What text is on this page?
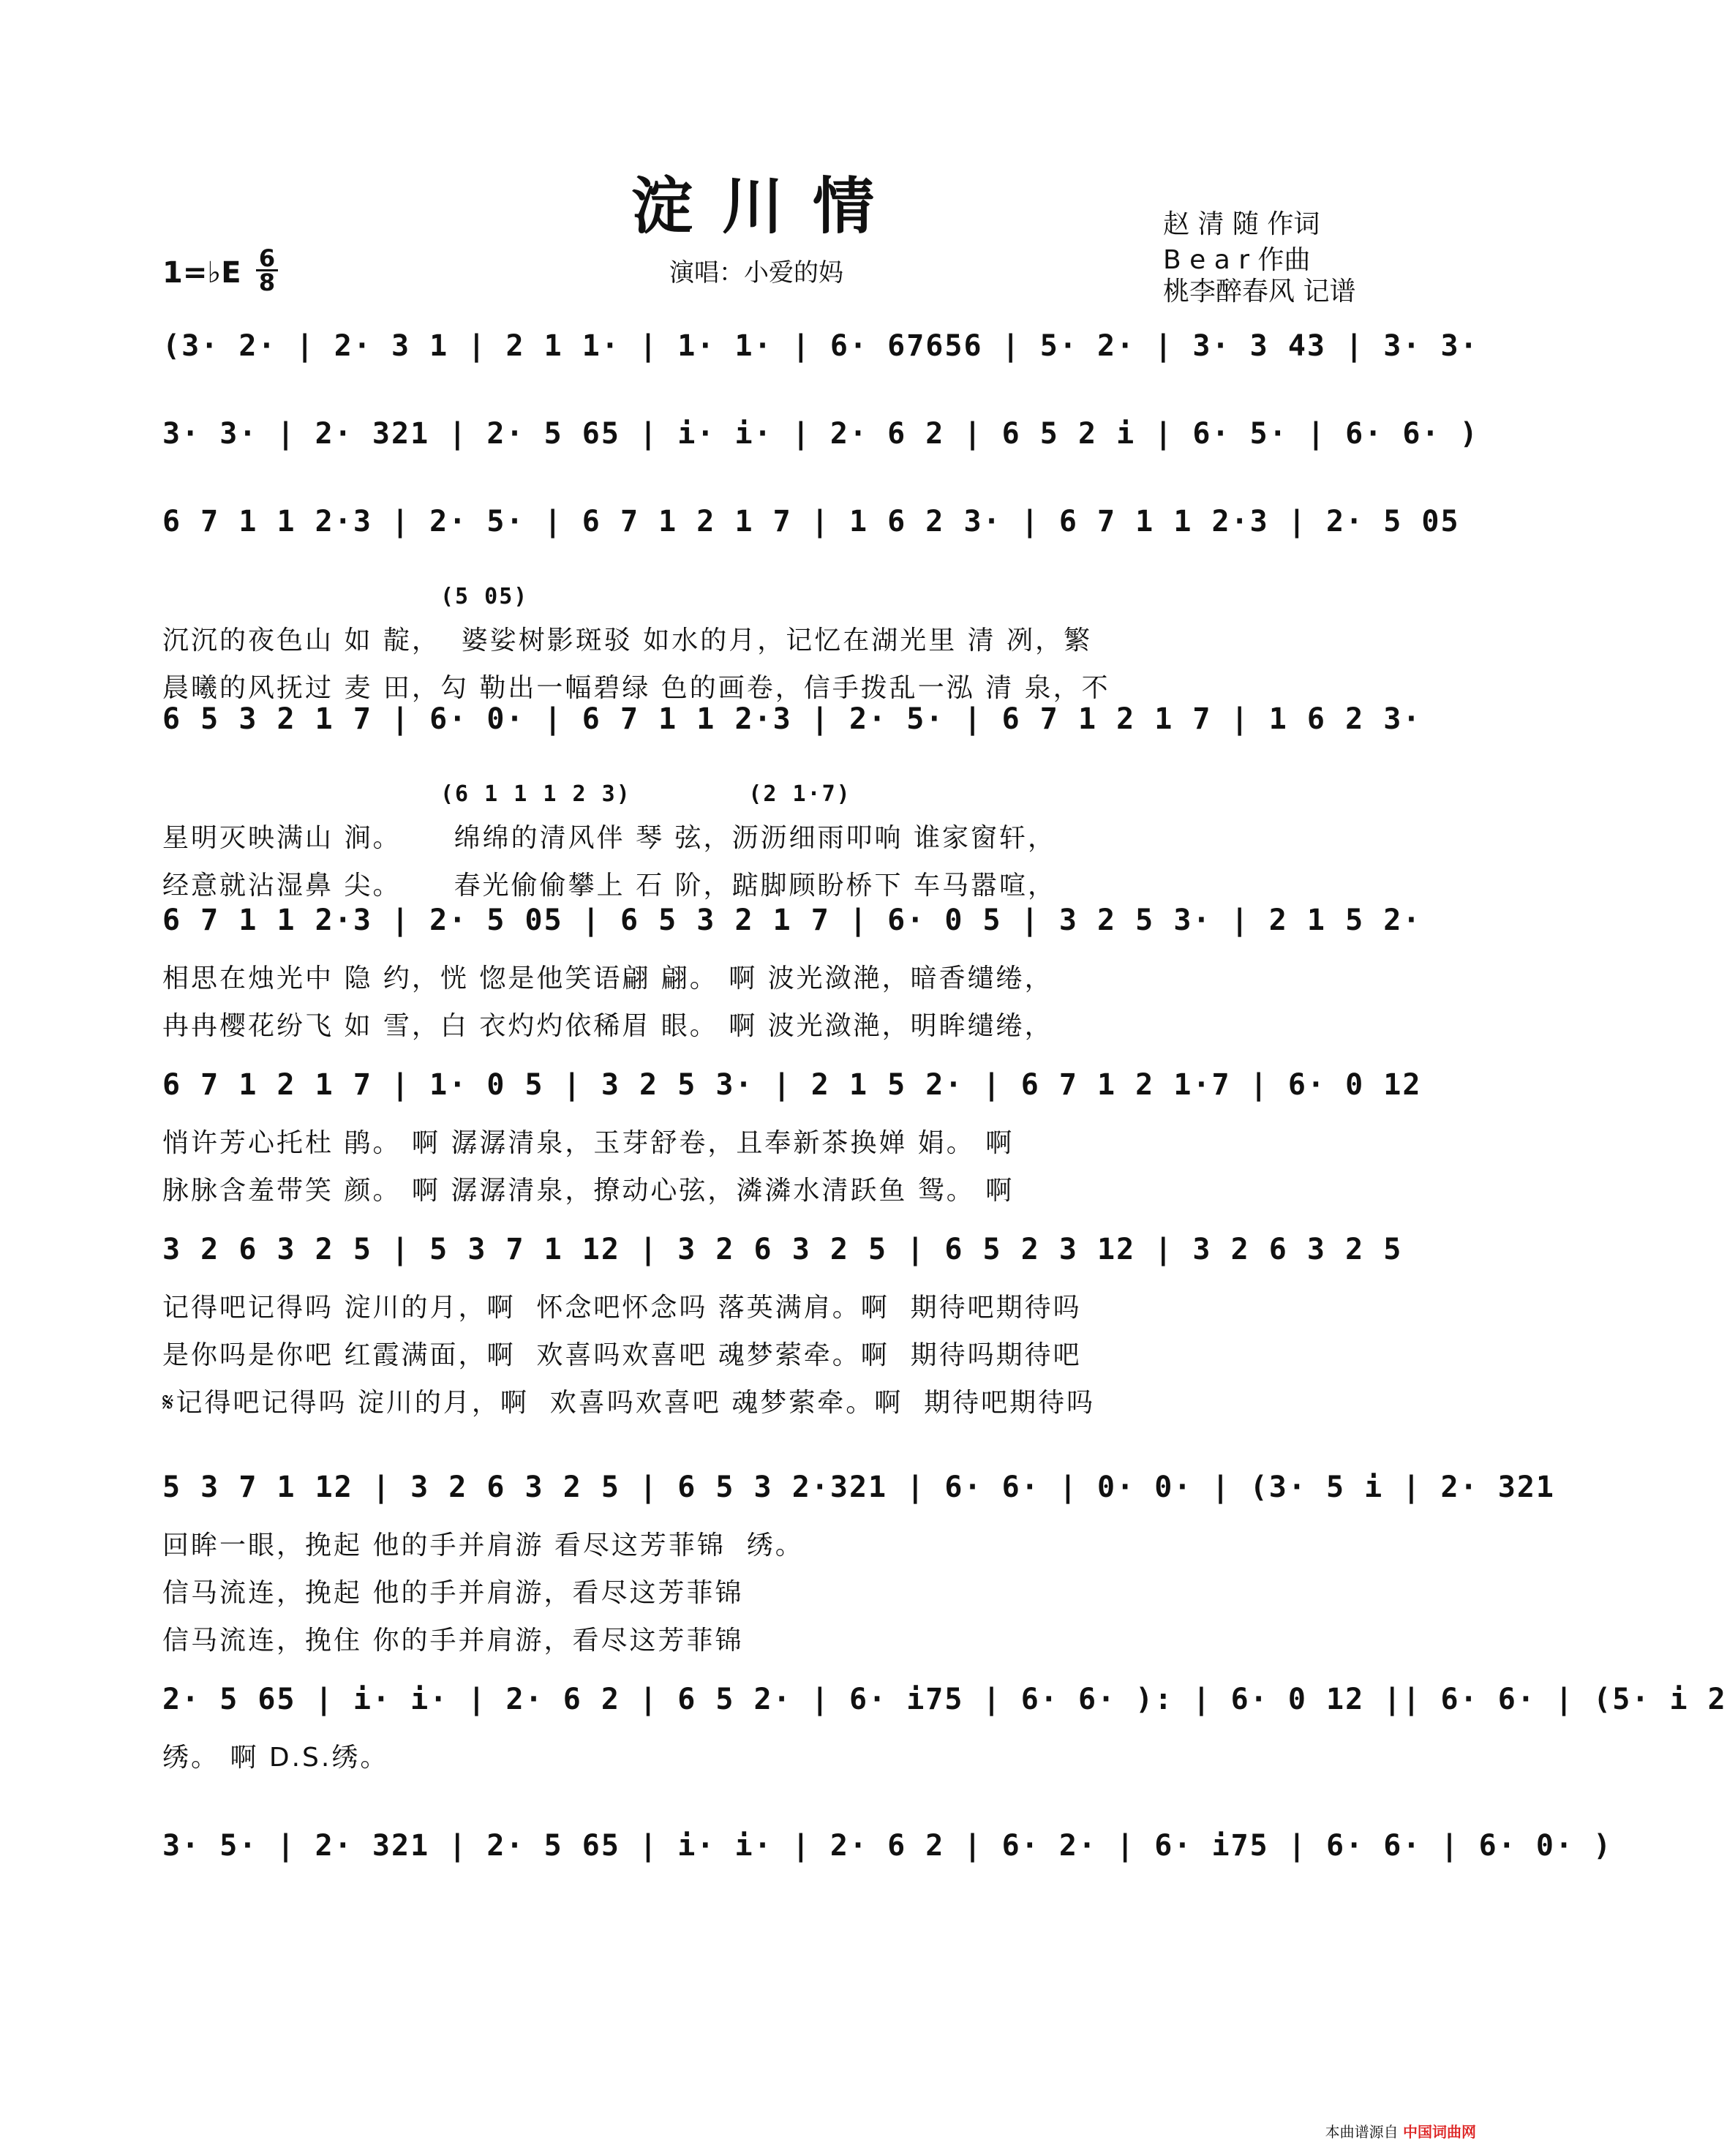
淀川情	赵 清 随 作词
B e a r 作曲
桃李醉春风 记谱
演唱：小爱的妈
1=♭E 6
8
(3· 2· | 2· 3 1 | 2 1 1· | 1· 1· | 6· 67656 | 5· 2· | 3· 3 43 | 3· 3·
3· 3· | 2· 321 | 2· 5 65 | i· i· | 2· 6 2 | 6 5 2 i | 6· 5· | 6· 6· )
6 7 1 1 2·3 | 2· 5· | 6 7 1 2 1 7 | 1 6 2 3· | 6 7 1 1 2·3 | 2· 5 05
(5 05)
沉沉的夜色山 如 靛，  婆娑树影斑驳 如水的月，记忆在湖光里 清 冽，繁
晨曦的风抚过 麦 田，勾 勒出一幅碧绿 色的画卷，信手拨乱一泓 清 泉，不
6 5 3 2 1 7 | 6· 0· | 6 7 1 1 2·3 | 2· 5· | 6 7 1 2 1 7 | 1 6 2 3·
(6 1 1 1 2 3)        (2 1·7)
星明灭映满山 涧。     绵绵的清风伴 琴 弦，沥沥细雨叩响 谁家窗轩，
经意就沾湿鼻 尖。     春光偷偷攀上 石 阶，踮脚顾盼桥下 车马嚣喧，
6 7 1 1 2·3 | 2· 5 05 | 6 5 3 2 1 7 | 6· 0 5 | 3 2 5 3· | 2 1 5 2·
相思在烛光中 隐 约，恍 惚是他笑语翩 翩。 啊 波光潋滟，暗香缱绻，
冉冉樱花纷飞 如 雪，白 衣灼灼依稀眉 眼。 啊 波光潋滟，明眸缱绻，
6 7 1 2 1 7 | 1· 0 5 | 3 2 5 3· | 2 1 5 2· | 6 7 1 2 1·7 | 6· 0 12
悄许芳心托杜 鹃。 啊 潺潺清泉，玉芽舒卷，且奉新茶换婵 娟。 啊
脉脉含羞带笑 颜。 啊 潺潺清泉，撩动心弦，潾潾水清跃鱼 鸳。 啊
3 2 6 3 2 5 | 5 3 7 1 12 | 3 2 6 3 2 5 | 6 5 2 3 12 | 3 2 6 3 2 5
记得吧记得吗 淀川的月，啊  怀念吧怀念吗 落英满肩。啊  期待吧期待吗
是你吗是你吧 红霞满面，啊  欢喜吗欢喜吧 魂梦萦牵。啊  期待吗期待吧
𝄋记得吧记得吗 淀川的月，啊  欢喜吗欢喜吧 魂梦萦牵。啊  期待吧期待吗
5 3 7 1 12 | 3 2 6 3 2 5 | 6 5 3 2·321 | 6· 6· | 0· 0· | (3· 5 i | 2· 321
回眸一眼，挽起 他的手并肩游 看尽这芳菲锦  绣。
信马流连，挽起 他的手并肩游，看尽这芳菲锦
信马流连，挽住 你的手并肩游，看尽这芳菲锦
2· 5 65 | i· i· | 2· 6 2 | 6 5 2· | 6· i75 | 6· 6· ): | 6· 0 12 || 6· 6· | (5· i 2
绣。 啊 D.S.绣。
3· 5· | 2· 321 | 2· 5 65 | i· i· | 2· 6 2 | 6· 2· | 6· i75 | 6· 6· | 6· 0· )
本曲谱源自 中国词曲网
